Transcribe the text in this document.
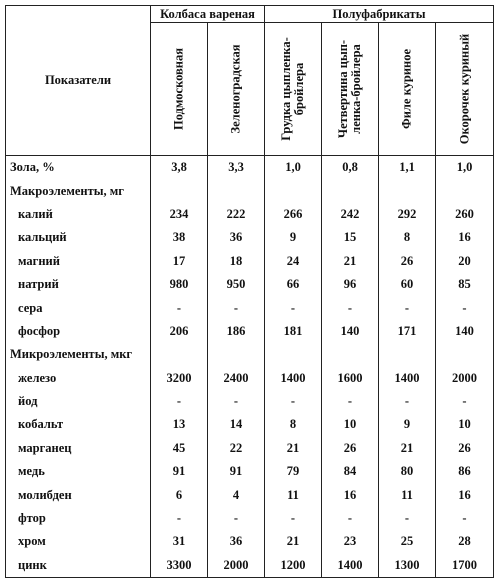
Показатели	Колбаса вареная		Полуфабрикаты			

	Подмосковная	Зеленоградская	Грудка цыпленка-бройлера	Четвертина цып-ленка-бройлера	Филе куриное	Окорочек куриный

Зола, %	3,8	3,3	1,0	0,8	1,1	1,0
Макроэлементы, мг						
калий	234	222	266	242	292	260
кальций	38	36	9	15	8	16
магний	17	18	24	21	26	20
натрий	980	950	66	96	60	85
сера	-	-	-	-	-	-
фосфор	206	186	181	140	171	140
Микроэлементы, мкг						
железо	3200	2400	1400	1600	1400	2000
йод	-	-	-	-	-	-
кобальт	13	14	8	10	9	10
марганец	45	22	21	26	21	26
медь	91	91	79	84	80	86
молибден	6	4	11	16	11	16
фтор	-	-	-	-	-	-
хром	31	36	21	23	25	28
цинк	3300	2000	1200	1400	1300	1700
